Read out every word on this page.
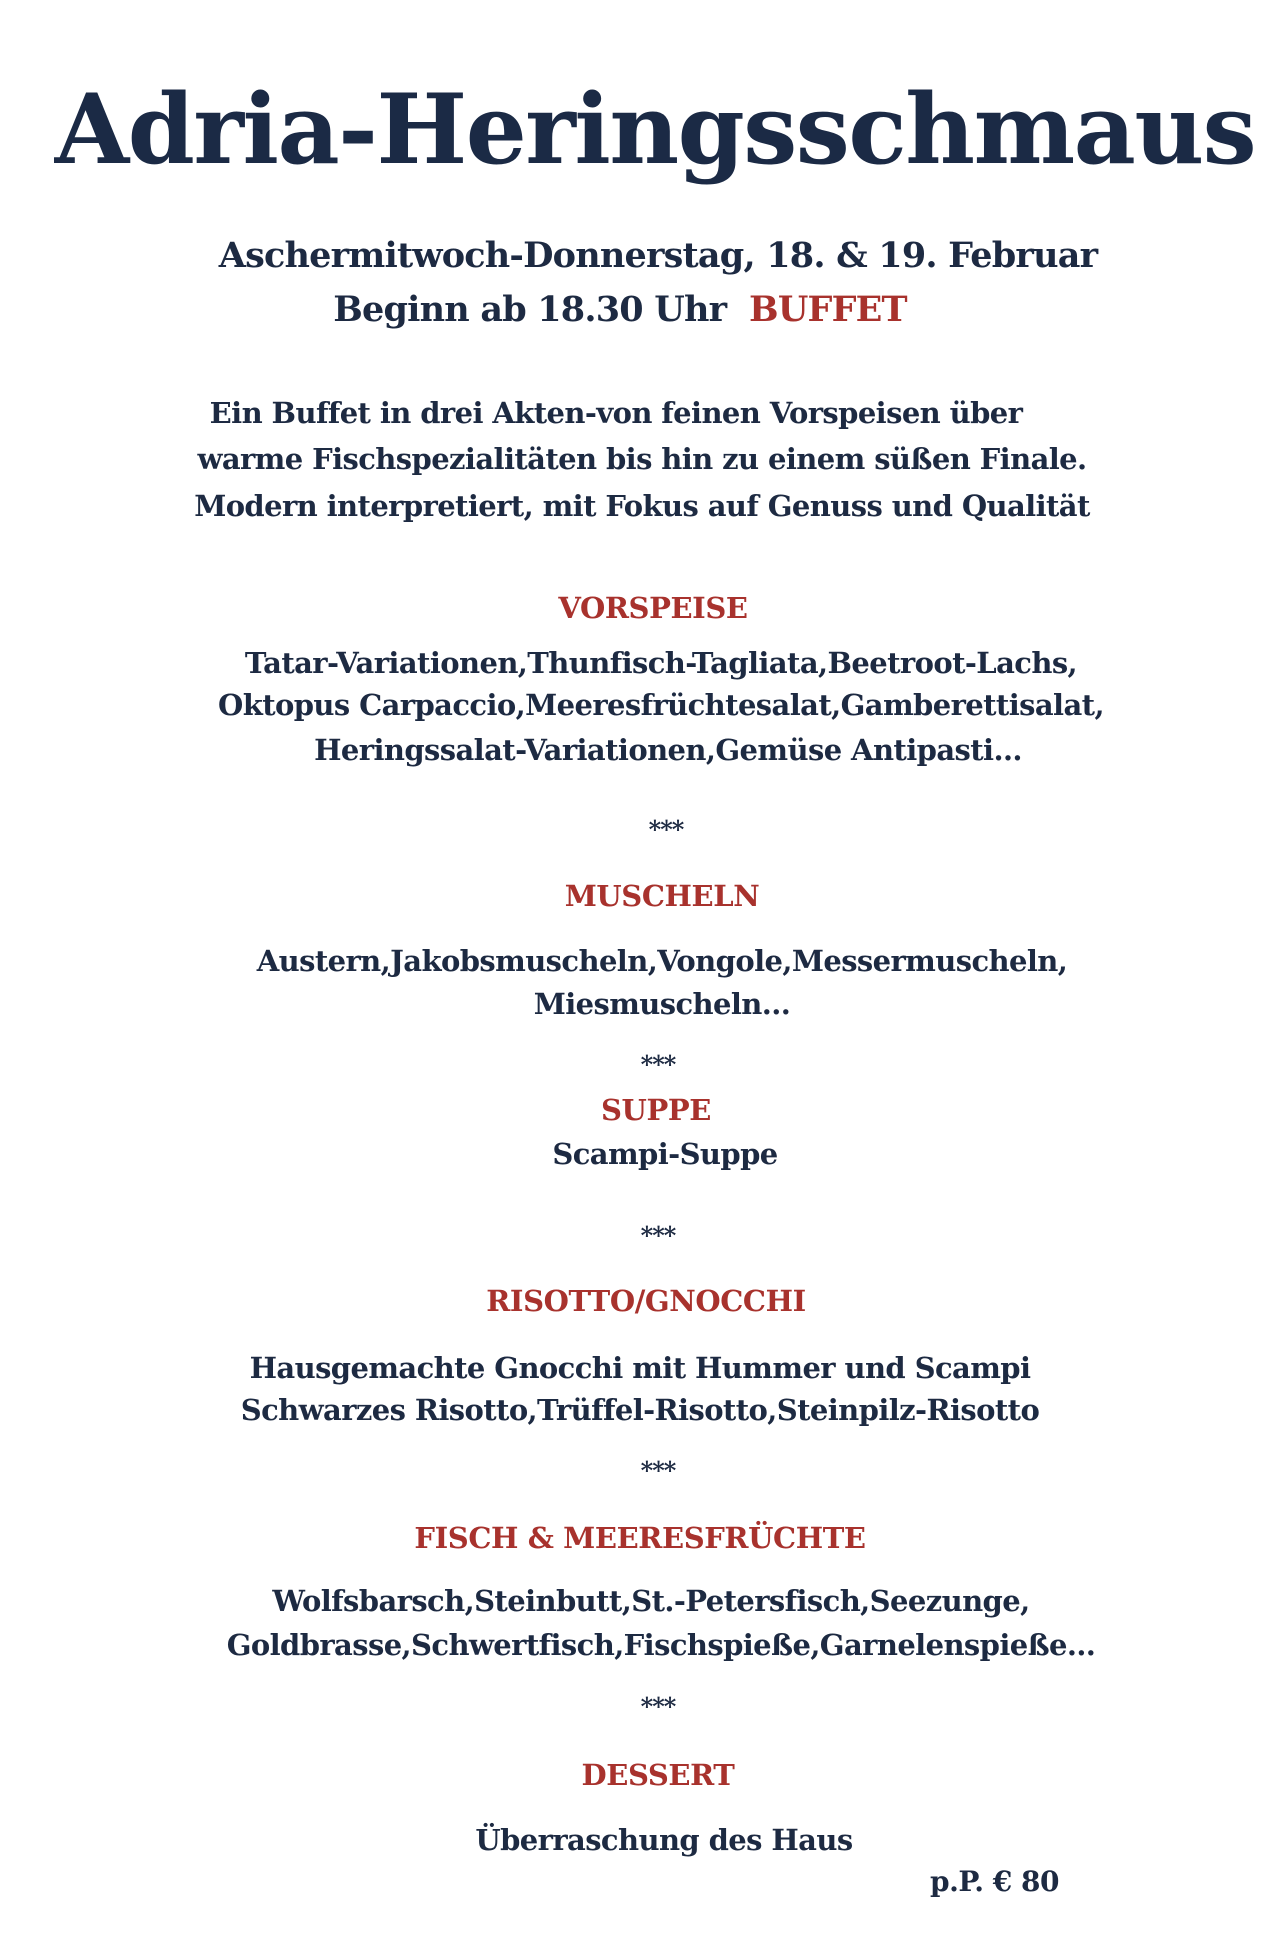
Adria-Heringsschmaus
Aschermitwoch-Donnerstag, 18. & 19. Februar
Beginn ab 18.30 Uhr BUFFET
Ein Buffet in drei Akten-von feinen Vorspeisen über
warme Fischspezialitäten bis hin zu einem süßen Finale.
Modern interpretiert, mit Fokus auf Genuss und Qualität
VORSPEISE
Tatar-Variationen,Thunfisch-Tagliata,Beetroot-Lachs,
Oktopus Carpaccio,Meeresfrüchtesalat,Gamberettisalat,
Heringssalat-Variationen,Gemüse Antipasti…
***
MUSCHELN
Austern,Jakobsmuscheln,Vongole,Messermuscheln,
Miesmuscheln...
***
SUPPE
Scampi-Suppe
***
RISOTTO/GNOCCHI
Hausgemachte Gnocchi mit Hummer und Scampi
Schwarzes Risotto,Trüffel-Risotto,Steinpilz-Risotto
***
FISCH & MEERESFRÜCHTE
Wolfsbarsch,Steinbutt,St.-Petersfisch,Seezunge,
Goldbrasse,Schwertfisch,Fischspieße,Garnelenspieße…
***
DESSERT
Überraschung des Haus
p.P. € 80
